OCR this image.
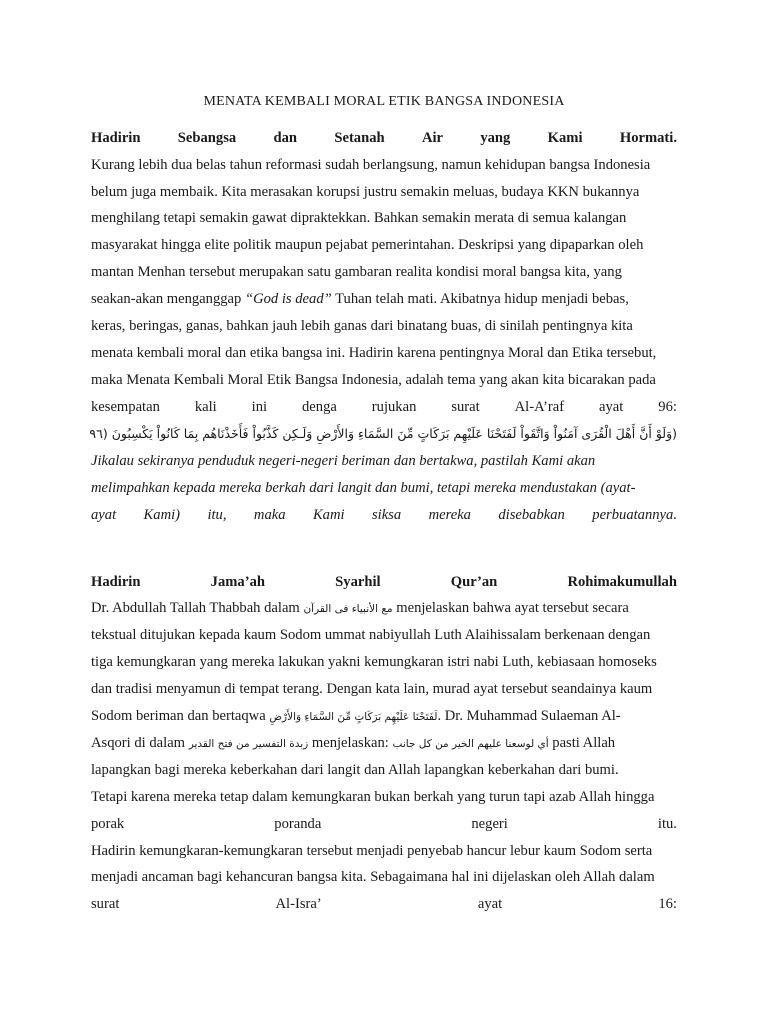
MENATA KEMBALI MORAL ETIK BANGSA INDONESIA
Hadirin	Sebangsa	dan	Setanah	Air	yang	Kami	Hormati.
Kurang lebih dua belas tahun reformasi sudah berlangsung, namun kehidupan bangsa Indonesia
belum juga membaik. Kita merasakan korupsi justru semakin meluas, budaya KKN bukannya
menghilang tetapi semakin gawat dipraktekkan. Bahkan semakin merata di semua kalangan
masyarakat hingga elite politik maupun pejabat pemerintahan. Deskripsi yang dipaparkan oleh
mantan Menhan tersebut merupakan satu gambaran realita kondisi moral bangsa kita, yang
seakan-akan menganggap “God is dead” Tuhan telah mati. Akibatnya hidup menjadi bebas,
keras, beringas, ganas, bahkan jauh lebih ganas dari binatang buas, di sinilah pentingnya kita
menata kembali moral dan etika bangsa ini. Hadirin karena pentingnya Moral dan Etika tersebut,
maka Menata Kembali Moral Etik Bangsa Indonesia, adalah tema yang akan kita bicarakan pada
kesempatan kali ini denga rujukan surat Al-A’raf ayat 96:
(وَلَوْ أَنَّ أَهْلَ الْقُرَى آمَنُواْ وَاتَّقَواْ لَفَتَحْنَا عَلَيْهِم بَرَكَاتٍ مِّنَ السَّمَاءِ وَالأَرْضِ وَلَـكِن كَذَّبُواْ فَأَخَذْنَاهُم بِمَا كَانُواْ يَكْسِبُونَ (٩٦
Jikalau sekiranya penduduk negeri-negeri beriman dan bertakwa, pastilah Kami akan
melimpahkan kepada mereka berkah dari langit dan bumi, tetapi mereka mendustakan (ayat-
ayat Kami) itu, maka Kami siksa mereka disebabkan perbuatannya.
Hadirin	Jama’ah	Syarhil	Qur’an	Rohimakumullah
Dr. Abdullah Tallah Thabbah dalam مع الأنبياء فى القرآن menjelaskan bahwa ayat tersebut secara
tekstual ditujukan kepada kaum Sodom ummat nabiyullah Luth Alaihissalam berkenaan dengan
tiga kemungkaran yang mereka lakukan yakni kemungkaran istri nabi Luth, kebiasaan homoseks
dan tradisi menyamun di tempat terang. Dengan kata lain, murad ayat tersebut seandainya kaum
Sodom beriman dan bertaqwa لَفَتَحْنَا عَلَيْهِم بَرَكَاتٍ مِّنَ السَّمَاءِ وَالأَرْضِ. Dr. Muhammad Sulaeman Al-
Asqori di dalam زبدة التفسير من فتح القدير menjelaskan: أي لوسعنا عليهم الخير من كل جانب pasti Allah
lapangkan bagi mereka keberkahan dari langit dan Allah lapangkan keberkahan dari bumi.
Tetapi karena mereka tetap dalam kemungkaran bukan berkah yang turun tapi azab Allah hingga
porak	poranda	negeri	itu.
Hadirin kemungkaran-kemungkaran tersebut menjadi penyebab hancur lebur kaum Sodom serta
menjadi ancaman bagi kehancuran bangsa kita. Sebagaimana hal ini dijelaskan oleh Allah dalam
surat	Al-Isra’	ayat	16:
